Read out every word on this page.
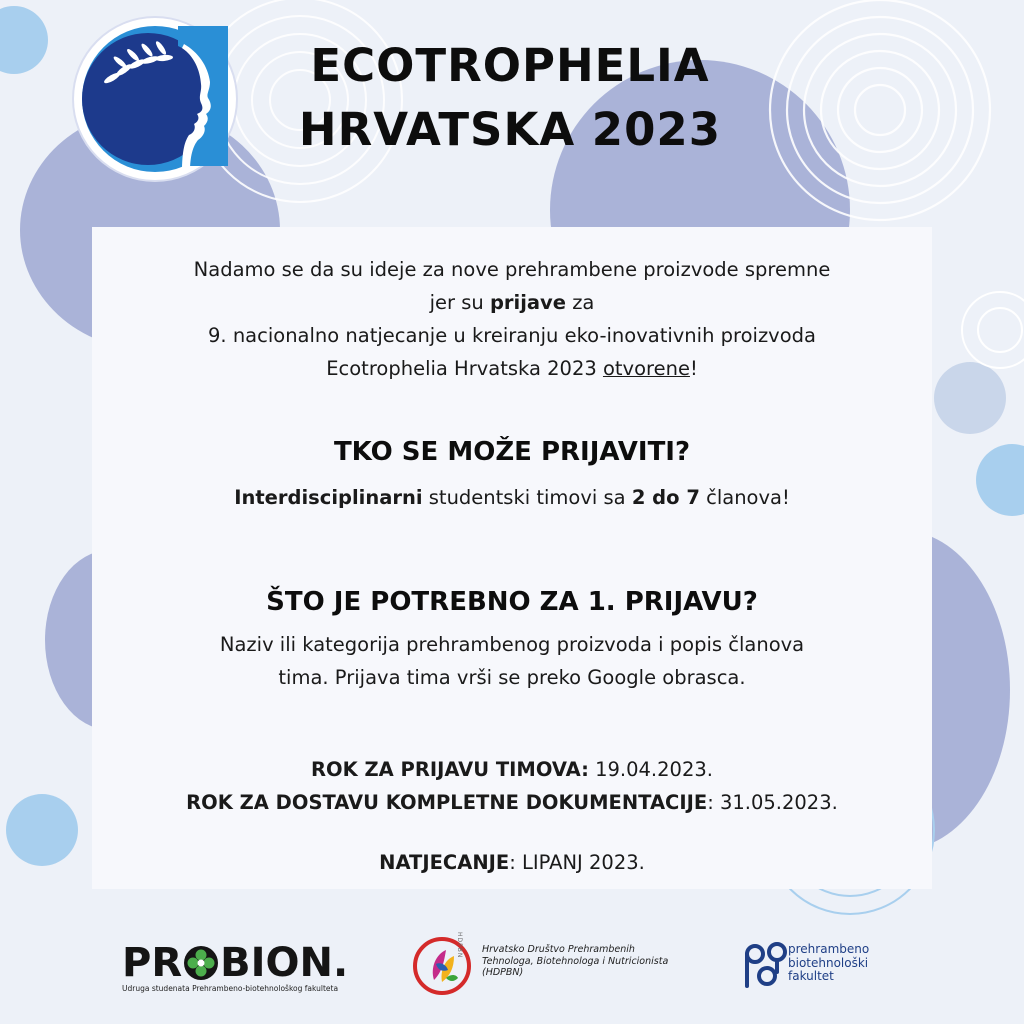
ECOTROPHELIA
HRVATSKA 2023

Nadamo se da su ideje za nove prehrambene proizvode spremne
jer su prijave za
9. nacionalno natjecanje u kreiranju eko-inovativnih proizvoda
Ecotrophelia Hrvatska 2023 otvorene!

TKO SE MOŽE PRIJAVITI?

Interdisciplinarni studentski timovi sa 2 do 7 članova!

ŠTO JE POTREBNO ZA 1. PRIJAVU?

Naziv ili kategorija prehrambenog proizvoda i popis članova
tima. Prijava tima vrši se preko Google obrasca.

ROK ZA PRIJAVU TIMOVA: 19.04.2023.
ROK ZA DOSTAVU KOMPLETNE DOKUMENTACIJE: 31.05.2023.

NATJECANJE: LIPANJ 2023.

PR BION.
Udruga studenata Prehrambeno-biotehnološkog fakulteta
HDPBN Hrvatsko Društvo Prehrambenih
Tehnologa, Biotehnologa i Nutricionista
(HDPBN)
prehrambeno
biotehnološki
fakultet
